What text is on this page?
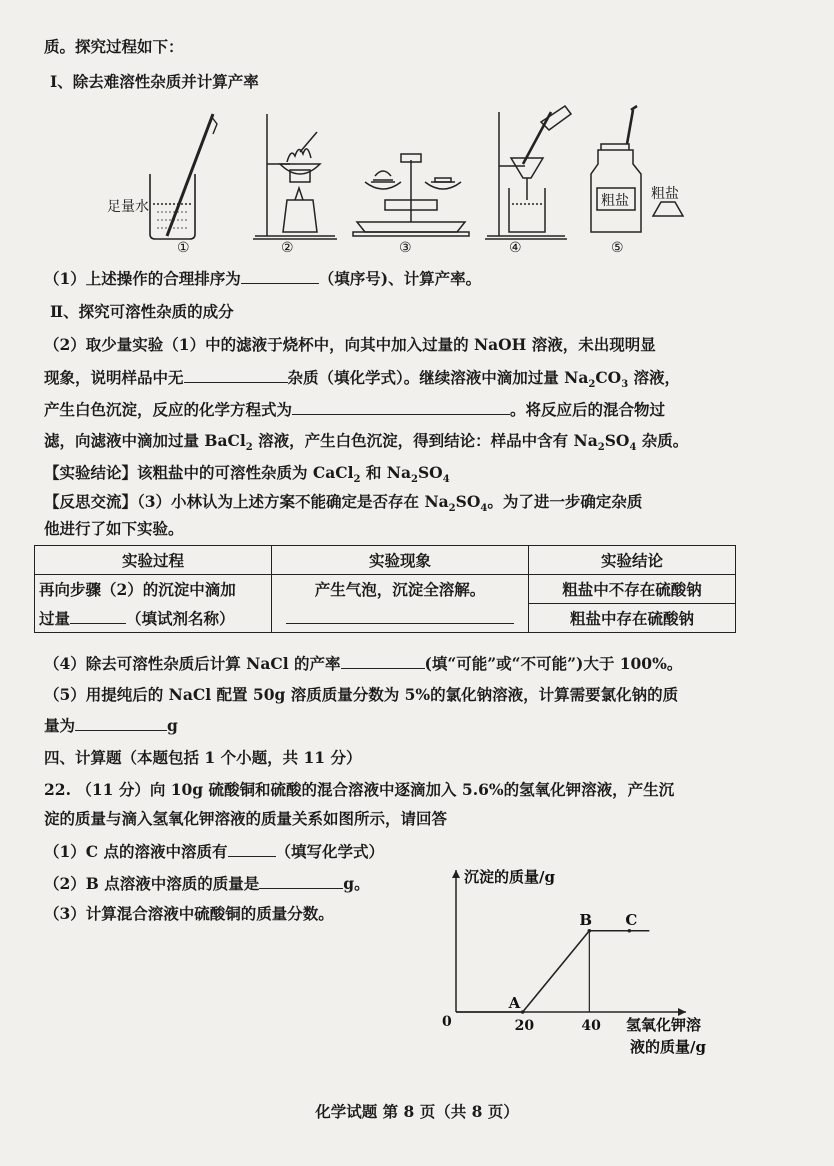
质。探究过程如下：
Ⅰ、除去难溶性杂质并计算产率
足量水	粗盐 粗盐
①	②	③	④	⑤
（1）上述操作的合理排序为	（填序号)、计算产率。
Ⅱ、探究可溶性杂质的成分
（2）取少量实验（1）中的滤液于烧杯中，向其中加入过量的 NaOH 溶液，未出现明显
现象，说明样品中无	杂质（填化学式）。继续溶液中滴加过量 $Na_2CO_3$ 溶液，
产生白色沉淀，反应的化学方程式为	。将反应后的混合物过
滤，向滤液中滴加过量 BaCl$_2$ 溶液，产生白色沉淀，得到结论：样品中含有 $Na_2SO_4$ 杂质。
【实验结论】该粗盐中的可溶性杂质为 CaCl$_2$ 和 $Na_2SO_4$
【反思交流】（3）小林认为上述方案不能确定是否存在 $Na_2SO_4$。为了进一步确定杂质
他进行了如下实验。
实验过程	实验现象	实验结论
再向步骤（2）的沉淀中滴加	产生气泡，沉淀全溶解。	粗盐中不存在硫酸钠
过量 （填试剂名称）		粗盐中存在硫酸钠
（4）除去可溶性杂质后计算 NaCl 的产率	(填“可能”或“不可能”)大于 100%。
（5）用提纯后的 NaCl 配置 50g 溶质质量分数为 5%的氯化钠溶液，计算需要氯化钠的质
量为	g
四、计算题（本题包括 1 个小题，共 11 分）
22. （11 分）向 10g 硫酸铜和硫酸的混合溶液中逐滴加入 5.6%的氢氧化钾溶液，产生沉
淀的质量与滴入氢氧化钾溶液的质量关系如图所示，请回答
（1）C 点的溶液中溶质有	（填写化学式）
（2）B 点溶液中溶质的质量是	g。
（3）计算混合溶液中硫酸铜的质量分数。
沉淀的质量/g
氢氧化钾溶
液的质量/g
0	20	40
A
B C
化学试题 第 8 页（共 8 页）
